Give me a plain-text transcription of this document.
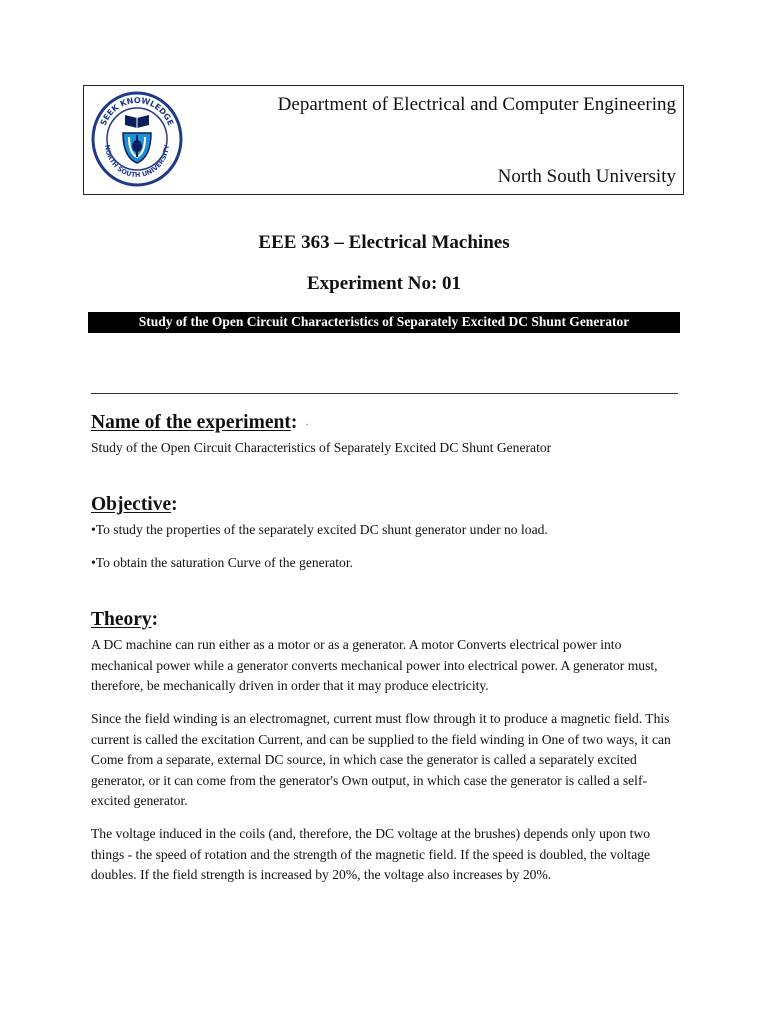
SEEK KNOWLEDGE
NORTH SOUTH UNIVERSITY
Department of Electrical and Computer Engineering
North South University
EEE 363 – Electrical Machines
Experiment No: 01
Study of the Open Circuit Characteristics of Separately Excited DC Shunt Generator
Name of the experiment: ·
Study of the Open Circuit Characteristics of Separately Excited DC Shunt Generator
Objective:
•To study the properties of the separately excited DC shunt generator under no load.
•To obtain the saturation Curve of the generator.
Theory:
A DC machine can run either as a motor or as a generator. A motor Converts electrical power into mechanical power while a generator converts mechanical power into electrical power. A generator must, therefore, be mechanically driven in order that it may produce electricity.
Since the field winding is an electromagnet, current must flow through it to produce a magnetic field. This current is called the excitation Current, and can be supplied to the field winding in One of two ways, it can Come from a separate, external DC source, in which case the generator is called a separately excited generator, or it can come from the generator's Own output, in which case the generator is called a self-excited generator.
The voltage induced in the coils (and, therefore, the DC voltage at the brushes) depends only upon two things - the speed of rotation and the strength of the magnetic field. If the speed is doubled, the voltage doubles. If the field strength is increased by 20%, the voltage also increases by 20%.
